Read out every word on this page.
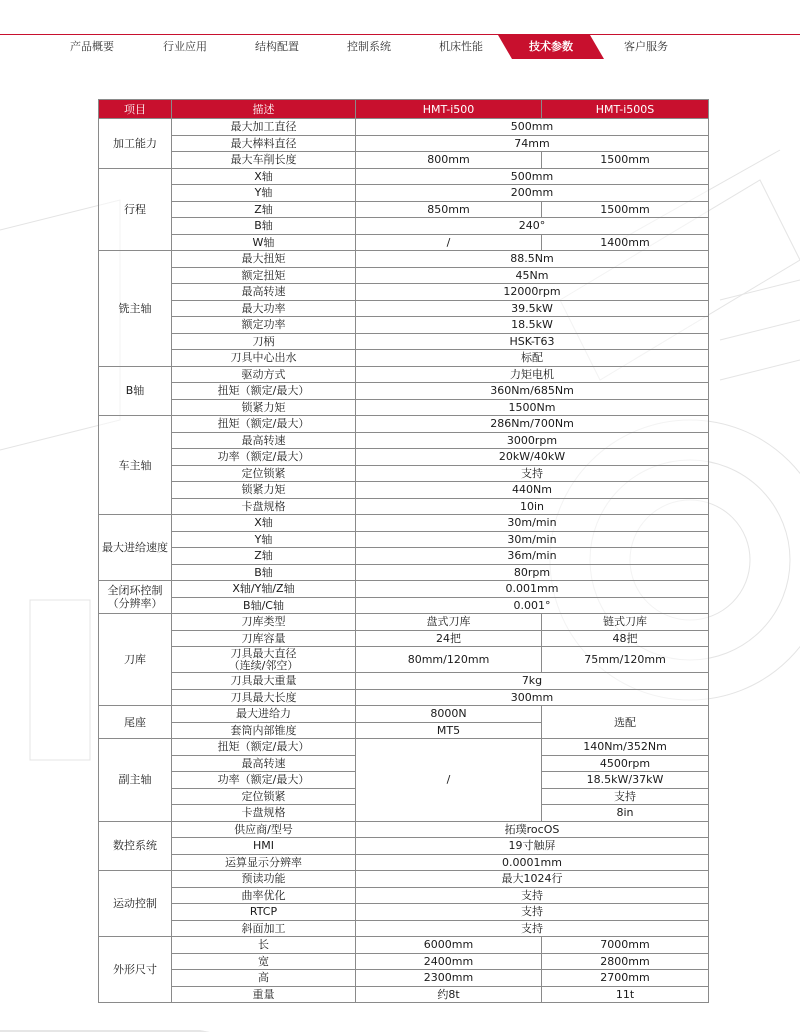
产品概要	行业应用	结构配置	控制系统	机床性能	技术参数	客户服务
项目	描述	HMT-i500	HMT-i500S
加工能力	最大加工直径	500mm	
	最大棒料直径	74mm	
	最大车削长度	800mm	1500mm
行程	X轴	500mm	
	Y轴	200mm	
	Z轴	850mm	1500mm
	B轴	240°	
	W轴	/	1400mm
铣主轴	最大扭矩	88.5Nm	
	额定扭矩	45Nm	
	最高转速	12000rpm	
	最大功率	39.5kW	
	额定功率	18.5kW	
	刀柄	HSK-T63	
	刀具中心出水	标配	
B轴	驱动方式	力矩电机	
	扭矩（额定/最大）	360Nm/685Nm	
	锁紧力矩	1500Nm	
车主轴	扭矩（额定/最大）	286Nm/700Nm	
	最高转速	3000rpm	
	功率（额定/最大）	20kW/40kW	
	定位锁紧	支持	
	锁紧力矩	440Nm	
	卡盘规格	10in	
最大进给速度	X轴	30m/min	
	Y轴	30m/min	
	Z轴	36m/min	
	B轴	80rpm	

全闭环控制
（分辨率）	X轴/Y轴/Z轴	0.001mm	
	B轴/C轴	0.001°	
刀库	刀库类型	盘式刀库	链式刀库
	刀库容量	24把	48把

	刀具最大直径
（连续/邻空）	80mm/120mm	75mm/120mm
	刀具最大重量	7kg	
	刀具最大长度	300mm	
尾座	最大进给力	8000N	选配
	套筒内部锥度	MT5	
副主轴	扭矩（额定/最大）	/	140Nm/352Nm
	最高转速		4500rpm
	功率（额定/最大）		18.5kW/37kW
	定位锁紧		支持
	卡盘规格		8in
数控系统	供应商/型号	拓璞rocOS	
	HMI	19寸触屏	
	运算显示分辨率	0.0001mm	
运动控制	预读功能	最大1024行	
	曲率优化	支持	
	RTCP	支持	
	斜面加工	支持	
外形尺寸	长	6000mm	7000mm
	宽	2400mm	2800mm
	高	2300mm	2700mm
	重量	约8t	11t
